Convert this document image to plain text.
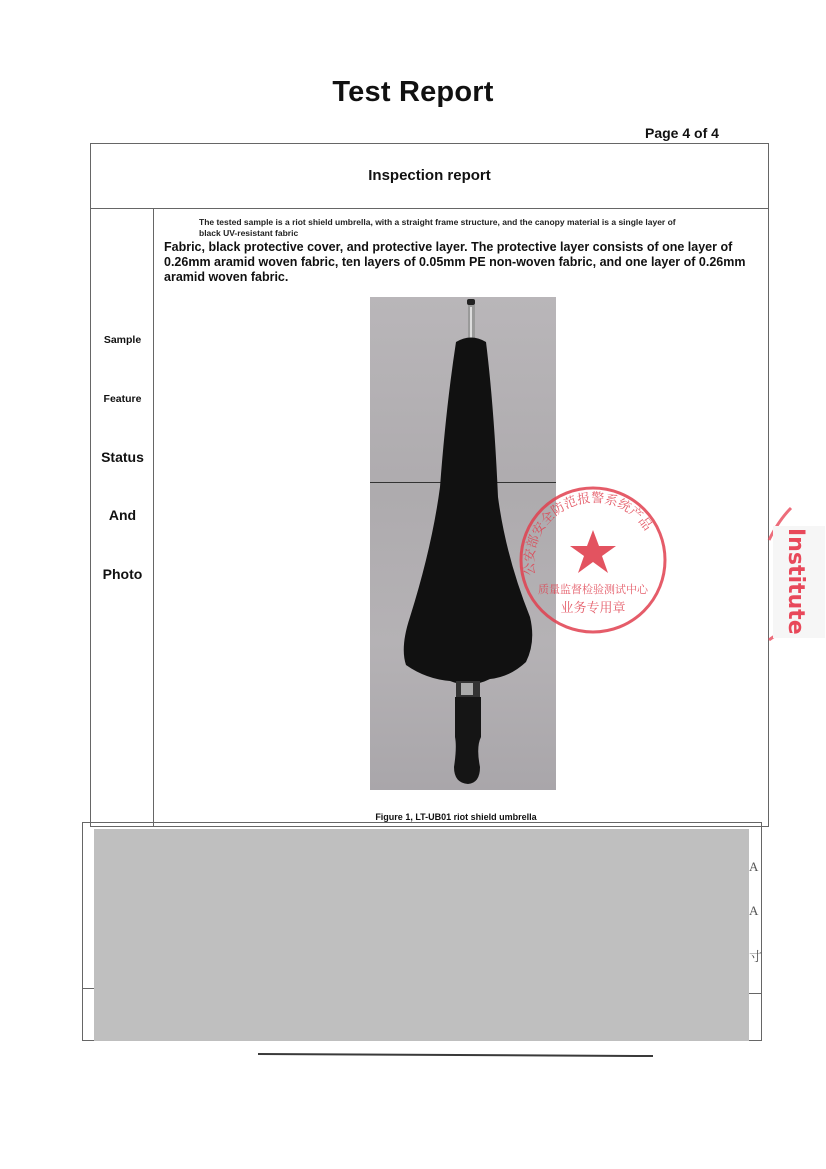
Test Report
Page 4 of 4
Inspection report
Sample
Feature
Status
And
Photo
The tested sample is a riot shield umbrella, with a straight frame structure, and the canopy material is a single layer of
black UV-resistant fabric
Fabric, black protective cover, and protective layer. The protective layer consists of one layer of 0.26mm aramid woven fabric, ten layers of 0.05mm PE non-woven fabric, and one layer of 0.26mm aramid woven fabric.
公安部安全防范报警系统产品
质量监督检验测试中心
业务专用章	Institute
Figure 1, LT-UB01 riot shield umbrella
A
A
寸
